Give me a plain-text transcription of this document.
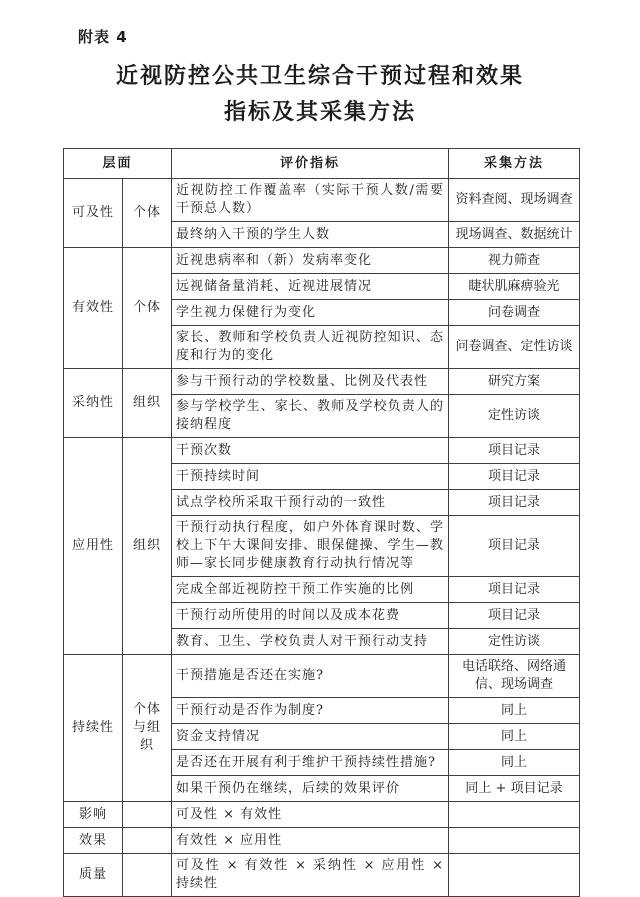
附表 4
近视防控公共卫生综合干预过程和效果
指标及其采集方法
层面		评价指标	采集方法
可及性	个体	近视防控工作覆盖率（实际干预人数/需要干预总人数）	资料查阅、现场调查
		最终纳入干预的学生人数	现场调查、数据统计
有效性	个体	近视患病率和（新）发病率变化	视力筛查
		远视储备量消耗、近视进展情况	睫状肌麻痹验光
		学生视力保健行为变化	问卷调查
		家长、教师和学校负责人近视防控知识、态度和行为的变化	问卷调查、定性访谈
采纳性	组织	参与干预行动的学校数量、比例及代表性	研究方案
		参与学校学生、家长、教师及学校负责人的接纳程度	定性访谈
应用性	组织	干预次数	项目记录
		干预持续时间	项目记录
		试点学校所采取干预行动的一致性	项目记录
		干预行动执行程度，如户外体育课时数、学校上下午大课间安排、眼保健操、学生—教师—家长同步健康教育行动执行情况等	项目记录
		完成全部近视防控干预工作实施的比例	项目记录
		干预行动所使用的时间以及成本花费	项目记录
		教育、卫生、学校负责人对干预行动支持	定性访谈
持续性	个体与组织	干预措施是否还在实施?	电话联络、网络通信、现场调查
		干预行动是否作为制度?	同上
		资金支持情况	同上
		是否还在开展有利于维护干预持续性措施?	同上
		如果干预仍在继续，后续的效果评价	同上 + 项目记录
影响		可及性 × 有效性	
效果		有效性 × 应用性	
质量		可及性 × 有效性 × 采纳性 × 应用性 × 持续性	
